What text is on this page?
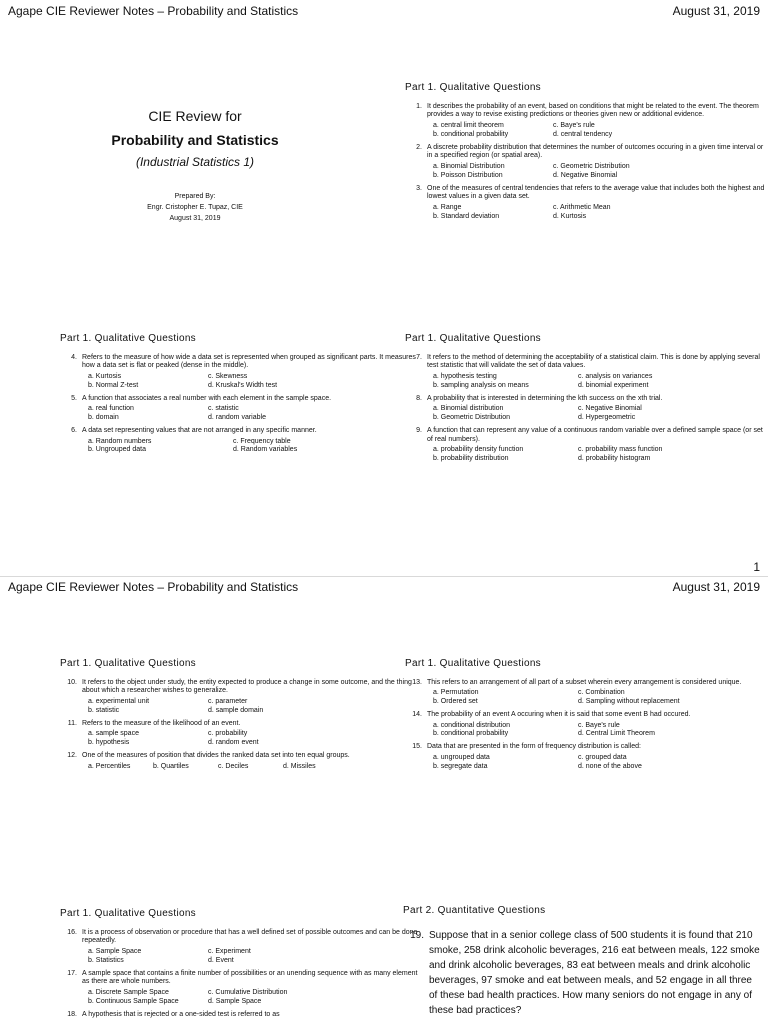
Agape CIE Reviewer Notes – Probability and Statistics	August 31, 2019
CIE Review for
Probability and Statistics
(Industrial Statistics 1)
Prepared By:
Engr. Cristopher E. Tupaz, CIE
August 31, 2019
Part 1. Qualitative Questions
1. It describes the probability of an event, based on conditions that might be related to the event. The theorem provides a way to revise existing predictions or theories given new or additional evidence.
a. central limit theorem	c. Baye's rule
b. conditional probability	d. central tendency
2. A discrete probability distribution that determines the number of outcomes occuring in a given time interval or in a specified region (or spatial area).
a. Binomial Distribution	c. Geometric Distribution
b. Poisson Distribution	d. Negative Binomial
3. One of the measures of central tendencies that refers to the average value that includes both the highest and lowest values in a given data set.
a. Range	c. Arithmetic Mean
b. Standard deviation	d. Kurtosis
Part 1. Qualitative Questions
4. Refers to the measure of how wide a data set is represented when grouped as significant parts. It measures how a data set is flat or peaked (dense in the middle).
a. Kurtosis	c. Skewness
b. Normal Z-test	d. Kruskal's Width test
5. A function that associates a real number with each element in the sample space.
a. real function	c. statistic
b. domain	d. random variable
6. A data set representing values that are not arranged in any specific manner.
a. Random numbers	c. Frequency table
b. Ungrouped data	d. Random variables
Part 1. Qualitative Questions
7. It refers to the method of determining the acceptability of a statistical claim. This is done by applying several test statistic that will validate the set of data values.
a. hypothesis testing	c. analysis on variances
b. sampling analysis on means	d. binomial experiment
8. A probability that is interested in determining the kth success on the xth trial.
a. Binomial distribution	c. Negative Binomial
b. Geometric Distribution	d. Hypergeometric
9. A function that can represent any value of a continuous random variable over a defined sample space (or set of real numbers).
a. probability density function	c. probability mass function
b. probability distribution	d. probability histogram
1
Agape CIE Reviewer Notes – Probability and Statistics	August 31, 2019
Part 1. Qualitative Questions
10. It refers to the object under study, the entity expected to produce a change in some outcome, and the thing about which a researcher wishes to generalize.
a. experimental unit	c. parameter
b. statistic	d. sample domain
11. Refers to the measure of the likelihood of an event.
a. sample space	c. probability
b. hypothesis	d. random event
12. One of the measures of position that divides the ranked data set into ten equal groups.
a. Percentiles	b. Quartiles	c. Deciles	d. Missiles
Part 1. Qualitative Questions
13. This refers to an arrangement of all part of a subset wherein every arrangement is considered unique.
a. Permutation	c. Combination
b. Ordered set	d. Sampling without replacement
14. The probability of an event A occuring when it is said that some event B had occured.
a. conditional distribution	c. Baye's rule
b. conditional probability	d. Central Limit Theorem
15. Data that are presented in the form of frequency distribution is called:
a. ungrouped data	c. grouped data
b. segregate data	d. none of the above
Part 1. Qualitative Questions
16. It is a process of observation or procedure that has a well defined set of possible outcomes and can be done repeatedly.
a. Sample Space	c. Experiment
b. Statistics	d. Event
17. A sample space that contains a finite number of possibilities or an unending sequence with as many element as there are whole numbers.
a. Discrete Sample Space	c. Cumulative Distribution
b. Continuous Sample Space	d. Sample Space
18. A hypothesis that is rejected or a one-sided test is referred to as
Part 2. Quantitative Questions
19. Suppose that in a senior college class of 500 students it is found that 210 smoke, 258 drink alcoholic beverages, 216 eat between meals, 122 smoke and drink alcoholic beverages, 83 eat between meals and drink alcoholic beverages, 97 smoke and eat between meals, and 52 engage in all three of these bad health practices. How many seniors do not engage in any of these bad practices?
